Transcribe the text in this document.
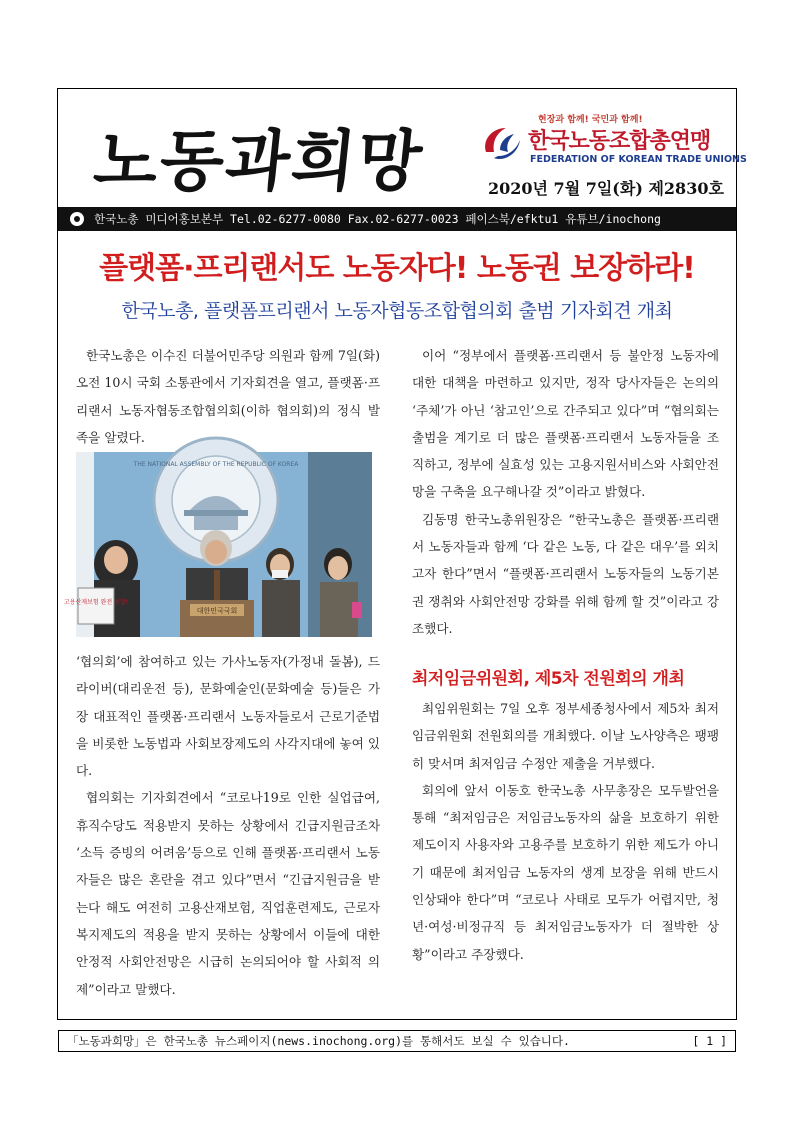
노동과희망
현장과 함께! 국민과 함께!
한국노동조합총연맹
FEDERATION OF KOREAN TRADE UNIONS
2020년 7월 7일(화) 제2830호
한국노총 미디어홍보본부 Tel.02-6277-0080 Fax.02-6277-0023 페이스북/efktu1 유튜브/inochong
플랫폼·프리랜서도 노동자다! 노동권 보장하라!
한국노총, 플랫폼프리랜서 노동자협동조합협의회 출범 기자회견 개최

한국노총은 이수진 더불어민주당 의원과 함께 7일(화) 오전 10시 국회 소통관에서 기자회견을 열고, 플랫폼·프리랜서 노동자협동조합협의회(이하 협의회)의 정식 발족을 알렸다.

THE NATIONAL ASSEMBLY OF THE REPUBLIC OF KOREA
고용산재보험 완전 보장!
대한민국국회

‘협의회’에 참여하고 있는 가사노동자(가정내 돌봄), 드라이버(대리운전 등), 문화예술인(문화예술 등)들은 가장 대표적인 플랫폼·프리랜서 노동자들로서 근로기준법을 비롯한 노동법과 사회보장제도의 사각지대에 놓여 있다.

협의회는 기자회견에서 “코로나19로 인한 실업급여, 휴직수당도 적용받지 못하는 상황에서 긴급지원금조차 ‘소득 증빙의 어려움’등으로 인해 플랫폼·프리랜서 노동자들은 많은 혼란을 겪고 있다”면서 “긴급지원금을 받는다 해도 여전히 고용산재보험, 직업훈련제도, 근로자복지제도의 적용을 받지 못하는 상황에서 이들에 대한 안정적 사회안전망은 시급히 논의되어야 할 사회적 의제”이라고 말했다.

이어 “정부에서 플랫폼·프리랜서 등 불안정 노동자에 대한 대책을 마련하고 있지만, 정작 당사자들은 논의의 ‘주체’가 아닌 ‘참고인’으로 간주되고 있다”며 “협의회는 출범을 계기로 더 많은 플랫폼·프리랜서 노동자들을 조직하고, 정부에 실효성 있는 고용지원서비스와 사회안전망을 구축을 요구해나갈 것”이라고 밝혔다.

김동명 한국노총위원장은 “한국노총은 플랫폼·프리랜서 노동자들과 함께 ‘다 같은 노동, 다 같은 대우’를 외치고자 한다”면서 “플랫폼·프리랜서 노동자들의 노동기본권 쟁취와 사회안전망 강화를 위해 함께 할 것”이라고 강조했다.

최저임금위원회, 제5차 전원회의 개최

최임위원회는 7일 오후 정부세종청사에서 제5차 최저임금위원회 전원회의를 개최했다. 이날 노사양측은 팽팽히 맞서며 최저임금 수정안 제출을 거부했다.

회의에 앞서 이동호 한국노총 사무총장은 모두발언을 통해 “최저임금은 저임금노동자의 삶을 보호하기 위한 제도이지 사용자와 고용주를 보호하기 위한 제도가 아니기 때문에 최저임금 노동자의 생계 보장을 위해 반드시 인상돼야 한다”며 “코로나 사태로 모두가 어렵지만, 청년·여성·비정규직 등 최저임금노동자가 더 절박한 상황”이라고 주장했다.

「노동과희망」은 한국노총 뉴스페이지(news.inochong.org)를 통해서도 보실 수 있습니다.	[ 1 ]
